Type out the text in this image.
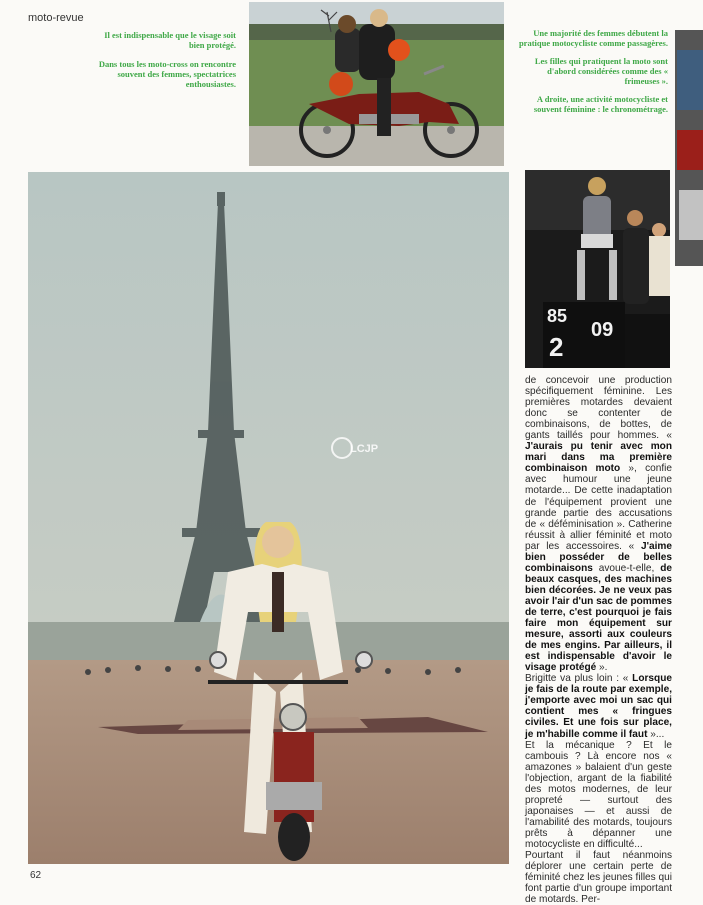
moto-revue

Il est indispensable que le visage soit bien protégé.

Dans tous les moto-cross on rencontre souvent des femmes, spectatrices enthousiastes.

Une majorité des femmes débutent la pratique motocycliste comme passagères.

Les filles qui pratiquent la moto sont d'abord considérées comme des « frimeuses ».

A droite, une activité motocycliste et souvent féminine : le chronométrage.

85
2
09
LCJP

de concevoir une production spécifiquement féminine. Les premières motardes devaient donc se contenter de combinaisons, de bottes, de gants taillés pour hommes. « J'aurais pu tenir avec mon mari dans ma première combinaison moto », confie avec humour une jeune motarde... De cette inadaptation de l'équipement provient une grande partie des accusations de « déféminisation ». Catherine réussit à allier féminité et moto par les accessoires. « J'aime bien posséder de belles combinaisons avoue-t-elle, de beaux casques, des machines bien décorées. Je ne veux pas avoir l'air d'un sac de pommes de terre, c'est pourquoi je fais faire mon équipement sur mesure, assorti aux couleurs de mes engins. Par ailleurs, il est indispensable d'avoir le visage protégé ».

Brigitte va plus loin : « Lorsque je fais de la route par exemple, j'emporte avec moi un sac qui contient mes « fringues civiles. Et une fois sur place, je m'habille comme il faut »...

Et la mécanique ? Et le cambouis ? Là encore nos « amazones » balaient d'un geste l'objection, argant de la fiabilité des motos modernes, de leur propreté — surtout des japonaises — et aussi de l'amabilité des motards, toujours prêts à dépanner une motocycliste en difficulté...

Pourtant il faut néanmoins déplorer une certain perte de féminité chez les jeunes filles qui font partie d'un groupe important de motards. Per-

62
